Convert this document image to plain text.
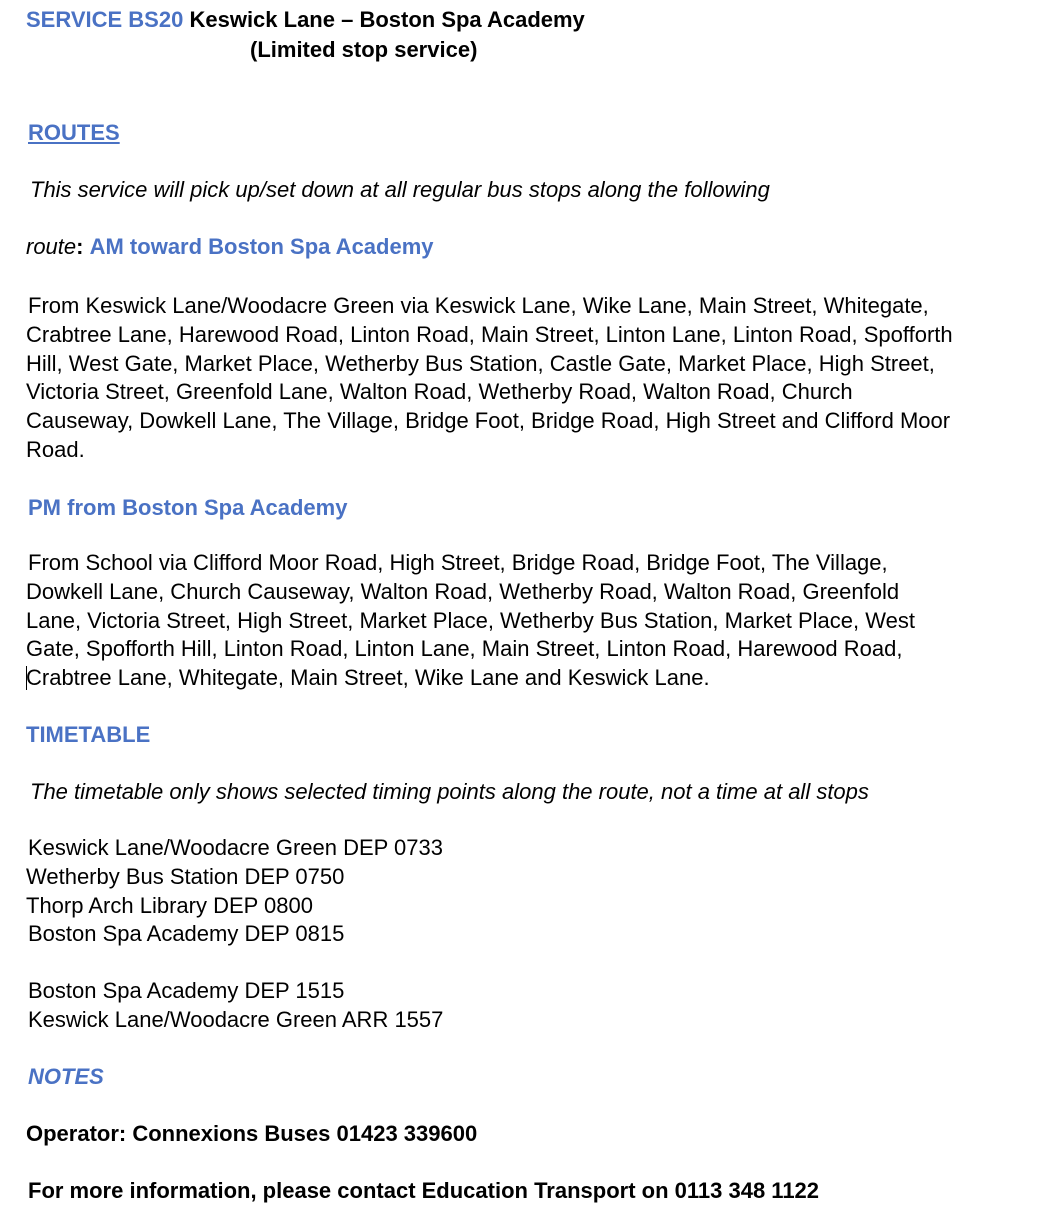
SERVICE BS20 Keswick Lane – Boston Spa Academy
(Limited stop service)
ROUTES
This service will pick up/set down at all regular bus stops along the following
route: AM toward Boston Spa Academy

From Keswick Lane/Woodacre Green via Keswick Lane, Wike Lane, Main Street, Whitegate,

Crabtree Lane, Harewood Road, Linton Road, Main Street, Linton Lane, Linton Road, Spofforth

Hill, West Gate, Market Place, Wetherby Bus Station, Castle Gate, Market Place, High Street,

Victoria Street, Greenfold Lane, Walton Road, Wetherby Road, Walton Road, Church

Causeway, Dowkell Lane, The Village, Bridge Foot, Bridge Road, High Street and Clifford Moor

Road.

PM from Boston Spa Academy

From School via Clifford Moor Road, High Street, Bridge Road, Bridge Foot, The Village,

Dowkell Lane, Church Causeway, Walton Road, Wetherby Road, Walton Road, Greenfold

Lane, Victoria Street, High Street, Market Place, Wetherby Bus Station, Market Place, West

Gate, Spofforth Hill, Linton Road, Linton Lane, Main Street, Linton Road, Harewood Road,

Crabtree Lane, Whitegate, Main Street, Wike Lane and Keswick Lane.

TIMETABLE
The timetable only shows selected timing points along the route, not a time at all stops

Keswick Lane/Woodacre Green DEP 0733

Wetherby Bus Station DEP 0750

Thorp Arch Library DEP 0800

Boston Spa Academy DEP 0815

Boston Spa Academy DEP 1515

Keswick Lane/Woodacre Green ARR 1557

NOTES
Operator: Connexions Buses 01423 339600
For more information, please contact Education Transport on 0113 348 1122
